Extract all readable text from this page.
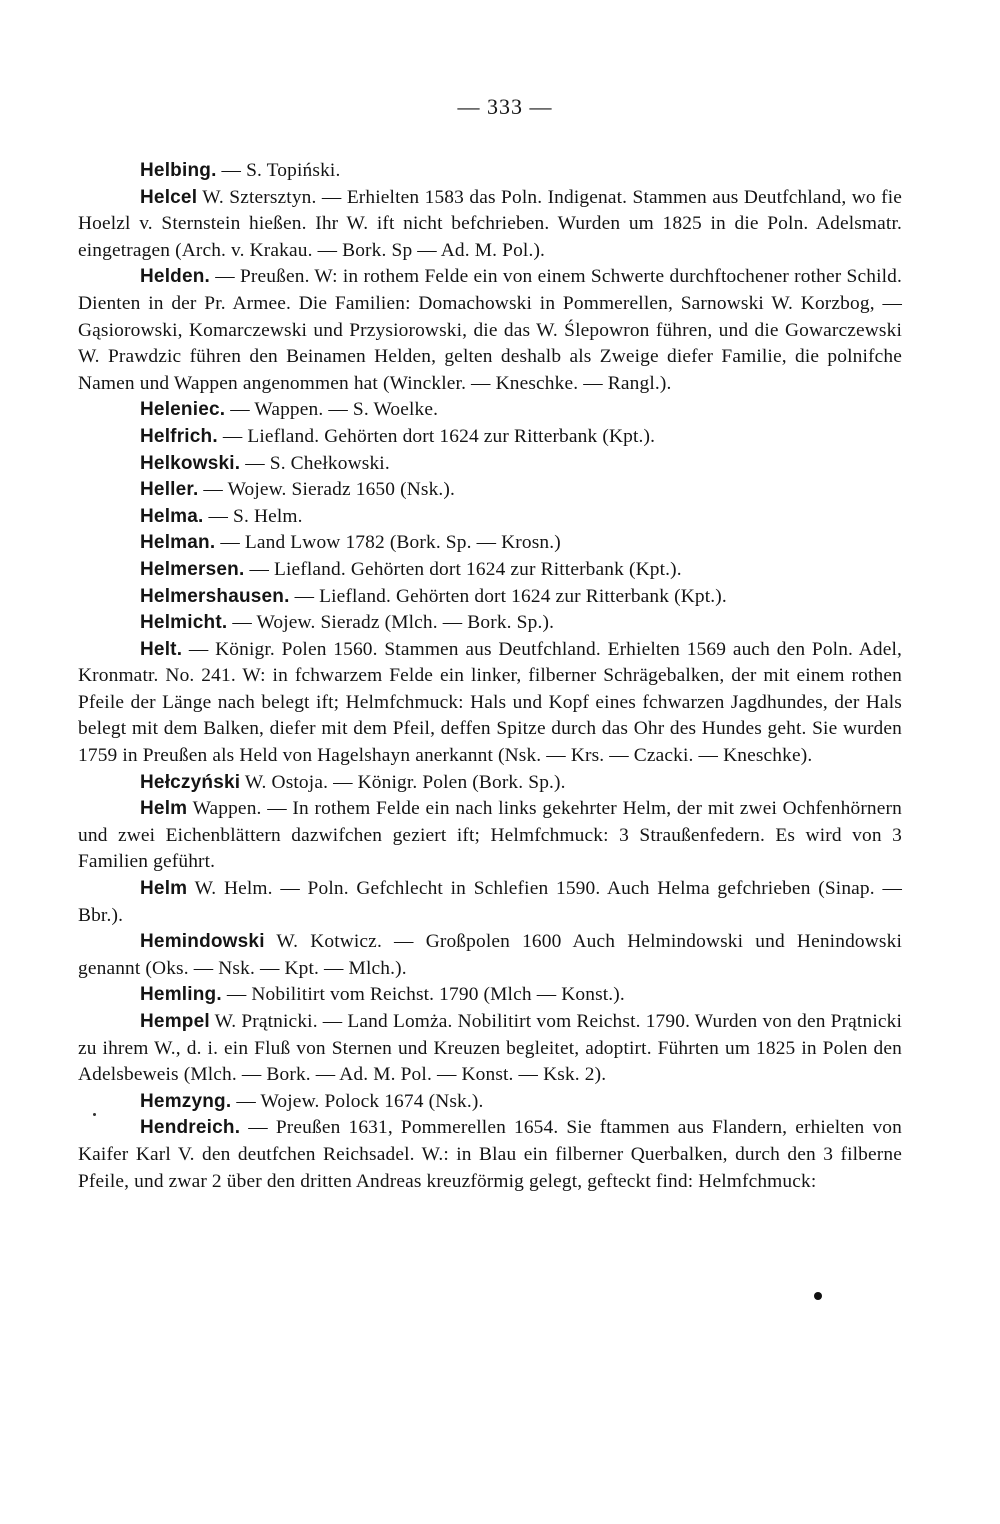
— 333 —

Helbing. — S. Topiński.

Helcel W. Sztersztyn. — Erhielten 1583 das Poln. Indigenat. Stammen aus Deutfchland, wo fie Hoelzl v. Sternstein hießen. Ihr W. ift nicht befchrieben. Wurden um 1825 in die Poln. Adelsmatr. eingetragen (Arch. v. Krakau. — Bork. Sp — Ad. M. Pol.).

Helden. — Preußen. W: in rothem Felde ein von einem Schwerte durchftochener rother Schild. Dienten in der Pr. Armee. Die Familien: Domachowski in Pommerellen, Sarnowski W. Korzbog, — Gąsiorowski, Komarczewski und Przysiorowski, die das W. Ślepowron führen, und die Gowarczewski W. Prawdzic führen den Beinamen Helden, gelten deshalb als Zweige diefer Familie, die polnifche Namen und Wappen angenommen hat (Winckler. — Kneschke. — Rangl.).

Heleniec. — Wappen. — S. Woelke.

Helfrich. — Liefland. Gehörten dort 1624 zur Ritterbank (Kpt.).

Helkowski. — S. Chełkowski.

Heller. — Wojew. Sieradz 1650 (Nsk.).

Helma. — S. Helm.

Helman. — Land Lwow 1782 (Bork. Sp. — Krosn.)

Helmersen. — Liefland. Gehörten dort 1624 zur Ritterbank (Kpt.).

Helmershausen. — Liefland. Gehörten dort 1624 zur Ritterbank (Kpt.).

Helmicht. — Wojew. Sieradz (Mlch. — Bork. Sp.).

Helt. — Königr. Polen 1560. Stammen aus Deutfchland. Erhielten 1569 auch den Poln. Adel, Kronmatr. No. 241. W: in fchwarzem Felde ein linker, filberner Schrägebalken, der mit einem rothen Pfeile der Länge nach belegt ift; Helmfchmuck: Hals und Kopf eines fchwarzen Jagdhundes, der Hals belegt mit dem Balken, diefer mit dem Pfeil, deffen Spitze durch das Ohr des Hundes geht. Sie wurden 1759 in Preußen als Held von Hagelshayn anerkannt (Nsk. — Krs. — Czacki. — Kneschke).

Hełczyński W. Ostoja. — Königr. Polen (Bork. Sp.).

Helm Wappen. — In rothem Felde ein nach links gekehrter Helm, der mit zwei Ochfenhörnern und zwei Eichenblättern dazwifchen geziert ift; Helmfchmuck: 3 Straußenfedern. Es wird von 3 Familien geführt.

Helm W. Helm. — Poln. Gefchlecht in Schlefien 1590. Auch Helma gefchrieben (Sinap. — Bbr.).

Hemindowski W. Kotwicz. — Großpolen 1600 Auch Helmindowski und Henindowski genannt (Oks. — Nsk. — Kpt. — Mlch.).

Hemling. — Nobilitirt vom Reichst. 1790 (Mlch — Konst.).

Hempel W. Prątnicki. — Land Lomża. Nobilitirt vom Reichst. 1790. Wurden von den Prątnicki zu ihrem W., d. i. ein Fluß von Sternen und Kreuzen begleitet, adoptirt. Führten um 1825 in Polen den Adelsbeweis (Mlch. — Bork. — Ad. M. Pol. — Konst. — Ksk. 2).

Hemzyng. — Wojew. Polock 1674 (Nsk.).

Hendreich. — Preußen 1631, Pommerellen 1654. Sie ftammen aus Flandern, erhielten von Kaifer Karl V. den deutfchen Reichsadel. W.: in Blau ein filberner Querbalken, durch den 3 filberne Pfeile, und zwar 2 über den dritten Andreas kreuzförmig gelegt, gefteckt find: Helmfchmuck:
